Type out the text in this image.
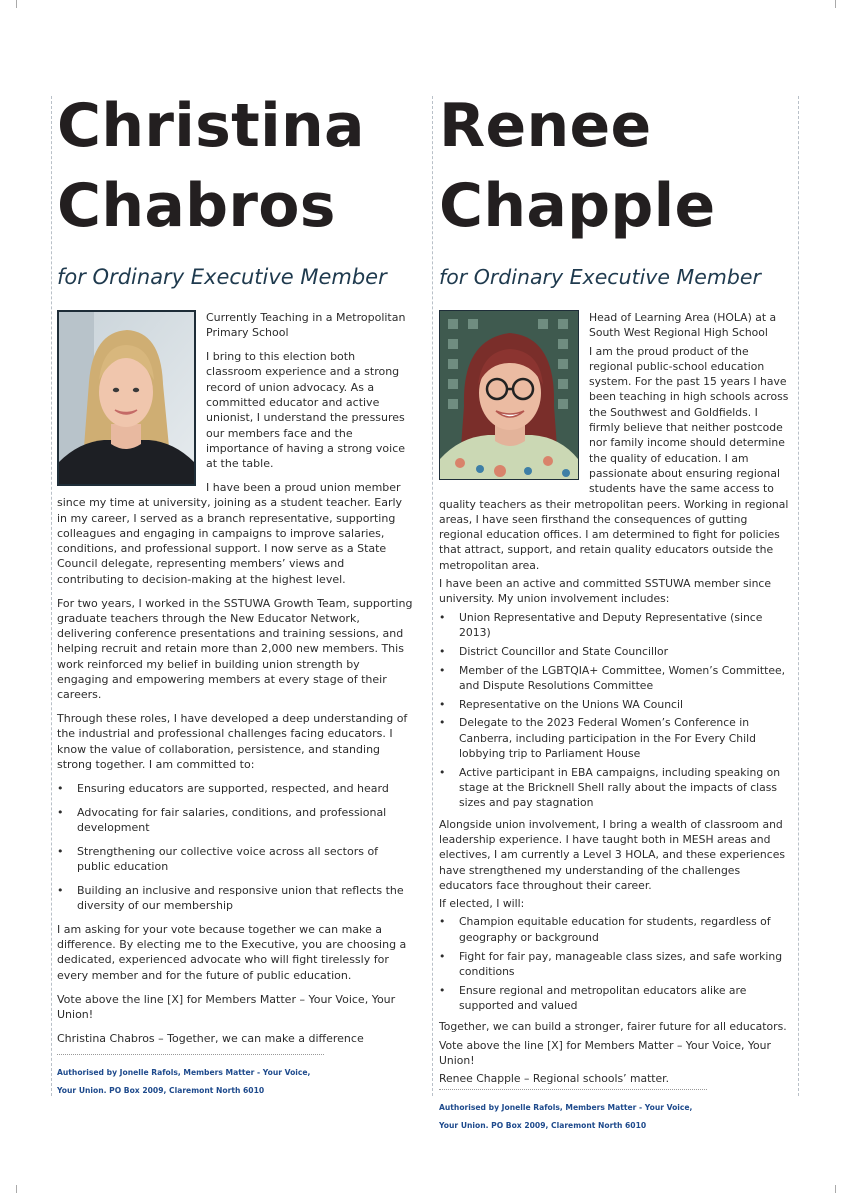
Christina
Chabros
for Ordinary Executive Member

Currently Teaching in a Metropolitan Primary School

I bring to this election both classroom experience and a strong record of union advocacy. As a committed educator and active unionist, I understand the pressures our members face and the importance of having a strong voice at the table.

I have been a proud union member since my time at university, joining as a student teacher. Early in my career, I served as a branch representative, supporting colleagues and engaging in campaigns to improve salaries, conditions, and professional support. I now serve as a State Council delegate, representing members’ views and contributing to decision-making at the highest level.

For two years, I worked in the SSTUWA Growth Team, supporting graduate teachers through the New Educator Network, delivering conference presentations and training sessions, and helping recruit and retain more than 2,000 new members. This work reinforced my belief in building union strength by engaging and empowering members at every stage of their careers.

Through these roles, I have developed a deep understanding of the industrial and professional challenges facing educators. I know the value of collaboration, persistence, and standing strong together. I am committed to:

• Ensuring educators are supported, respected, and heard
• Advocating for fair salaries, conditions, and professional development
• Strengthening our collective voice across all sectors of public education
• Building an inclusive and responsive union that reflects the diversity of our membership

I am asking for your vote because together we can make a difference. By electing me to the Executive, you are choosing a dedicated, experienced advocate who will fight tirelessly for every member and for the future of public education.

Vote above the line [X] for Members Matter – Your Voice, Your Union!

Christina Chabros – Together, we can make a difference

Authorised by Jonelle Rafols, Members Matter - Your Voice,
Your Union. PO Box 2009, Claremont North 6010
Renee
Chapple
for Ordinary Executive Member

Head of Learning Area (HOLA) at a South West Regional High School

I am the proud product of the regional public-school education system. For the past 15 years I have been teaching in high schools across the Southwest and Goldfields. I firmly believe that neither postcode nor family income should determine the quality of education. I am passionate about ensuring regional students have the same access to quality teachers as their metropolitan peers. Working in regional areas, I have seen firsthand the consequences of gutting regional education offices. I am determined to fight for policies that attract, support, and retain quality educators outside the metropolitan area.

I have been an active and committed SSTUWA member since university. My union involvement includes:

• Union Representative and Deputy Representative (since 2013)
• District Councillor and State Councillor
• Member of the LGBTQIA+ Committee, Women’s Committee, and Dispute Resolutions Committee
• Representative on the Unions WA Council
• Delegate to the 2023 Federal Women’s Conference in Canberra, including participation in the For Every Child lobbying trip to Parliament House
• Active participant in EBA campaigns, including speaking on stage at the Bricknell Shell rally about the impacts of class sizes and pay stagnation

Alongside union involvement, I bring a wealth of classroom and leadership experience. I have taught both in MESH areas and electives, I am currently a Level 3 HOLA, and these experiences have strengthened my understanding of the challenges educators face throughout their career.

If elected, I will:

• Champion equitable education for students, regardless of geography or background
• Fight for fair pay, manageable class sizes, and safe working conditions
• Ensure regional and metropolitan educators alike are supported and valued

Together, we can build a stronger, fairer future for all educators.

Vote above the line [X] for Members Matter – Your Voice, Your Union!

Renee Chapple – Regional schools’ matter.

Authorised by Jonelle Rafols, Members Matter - Your Voice,
Your Union. PO Box 2009, Claremont North 6010
